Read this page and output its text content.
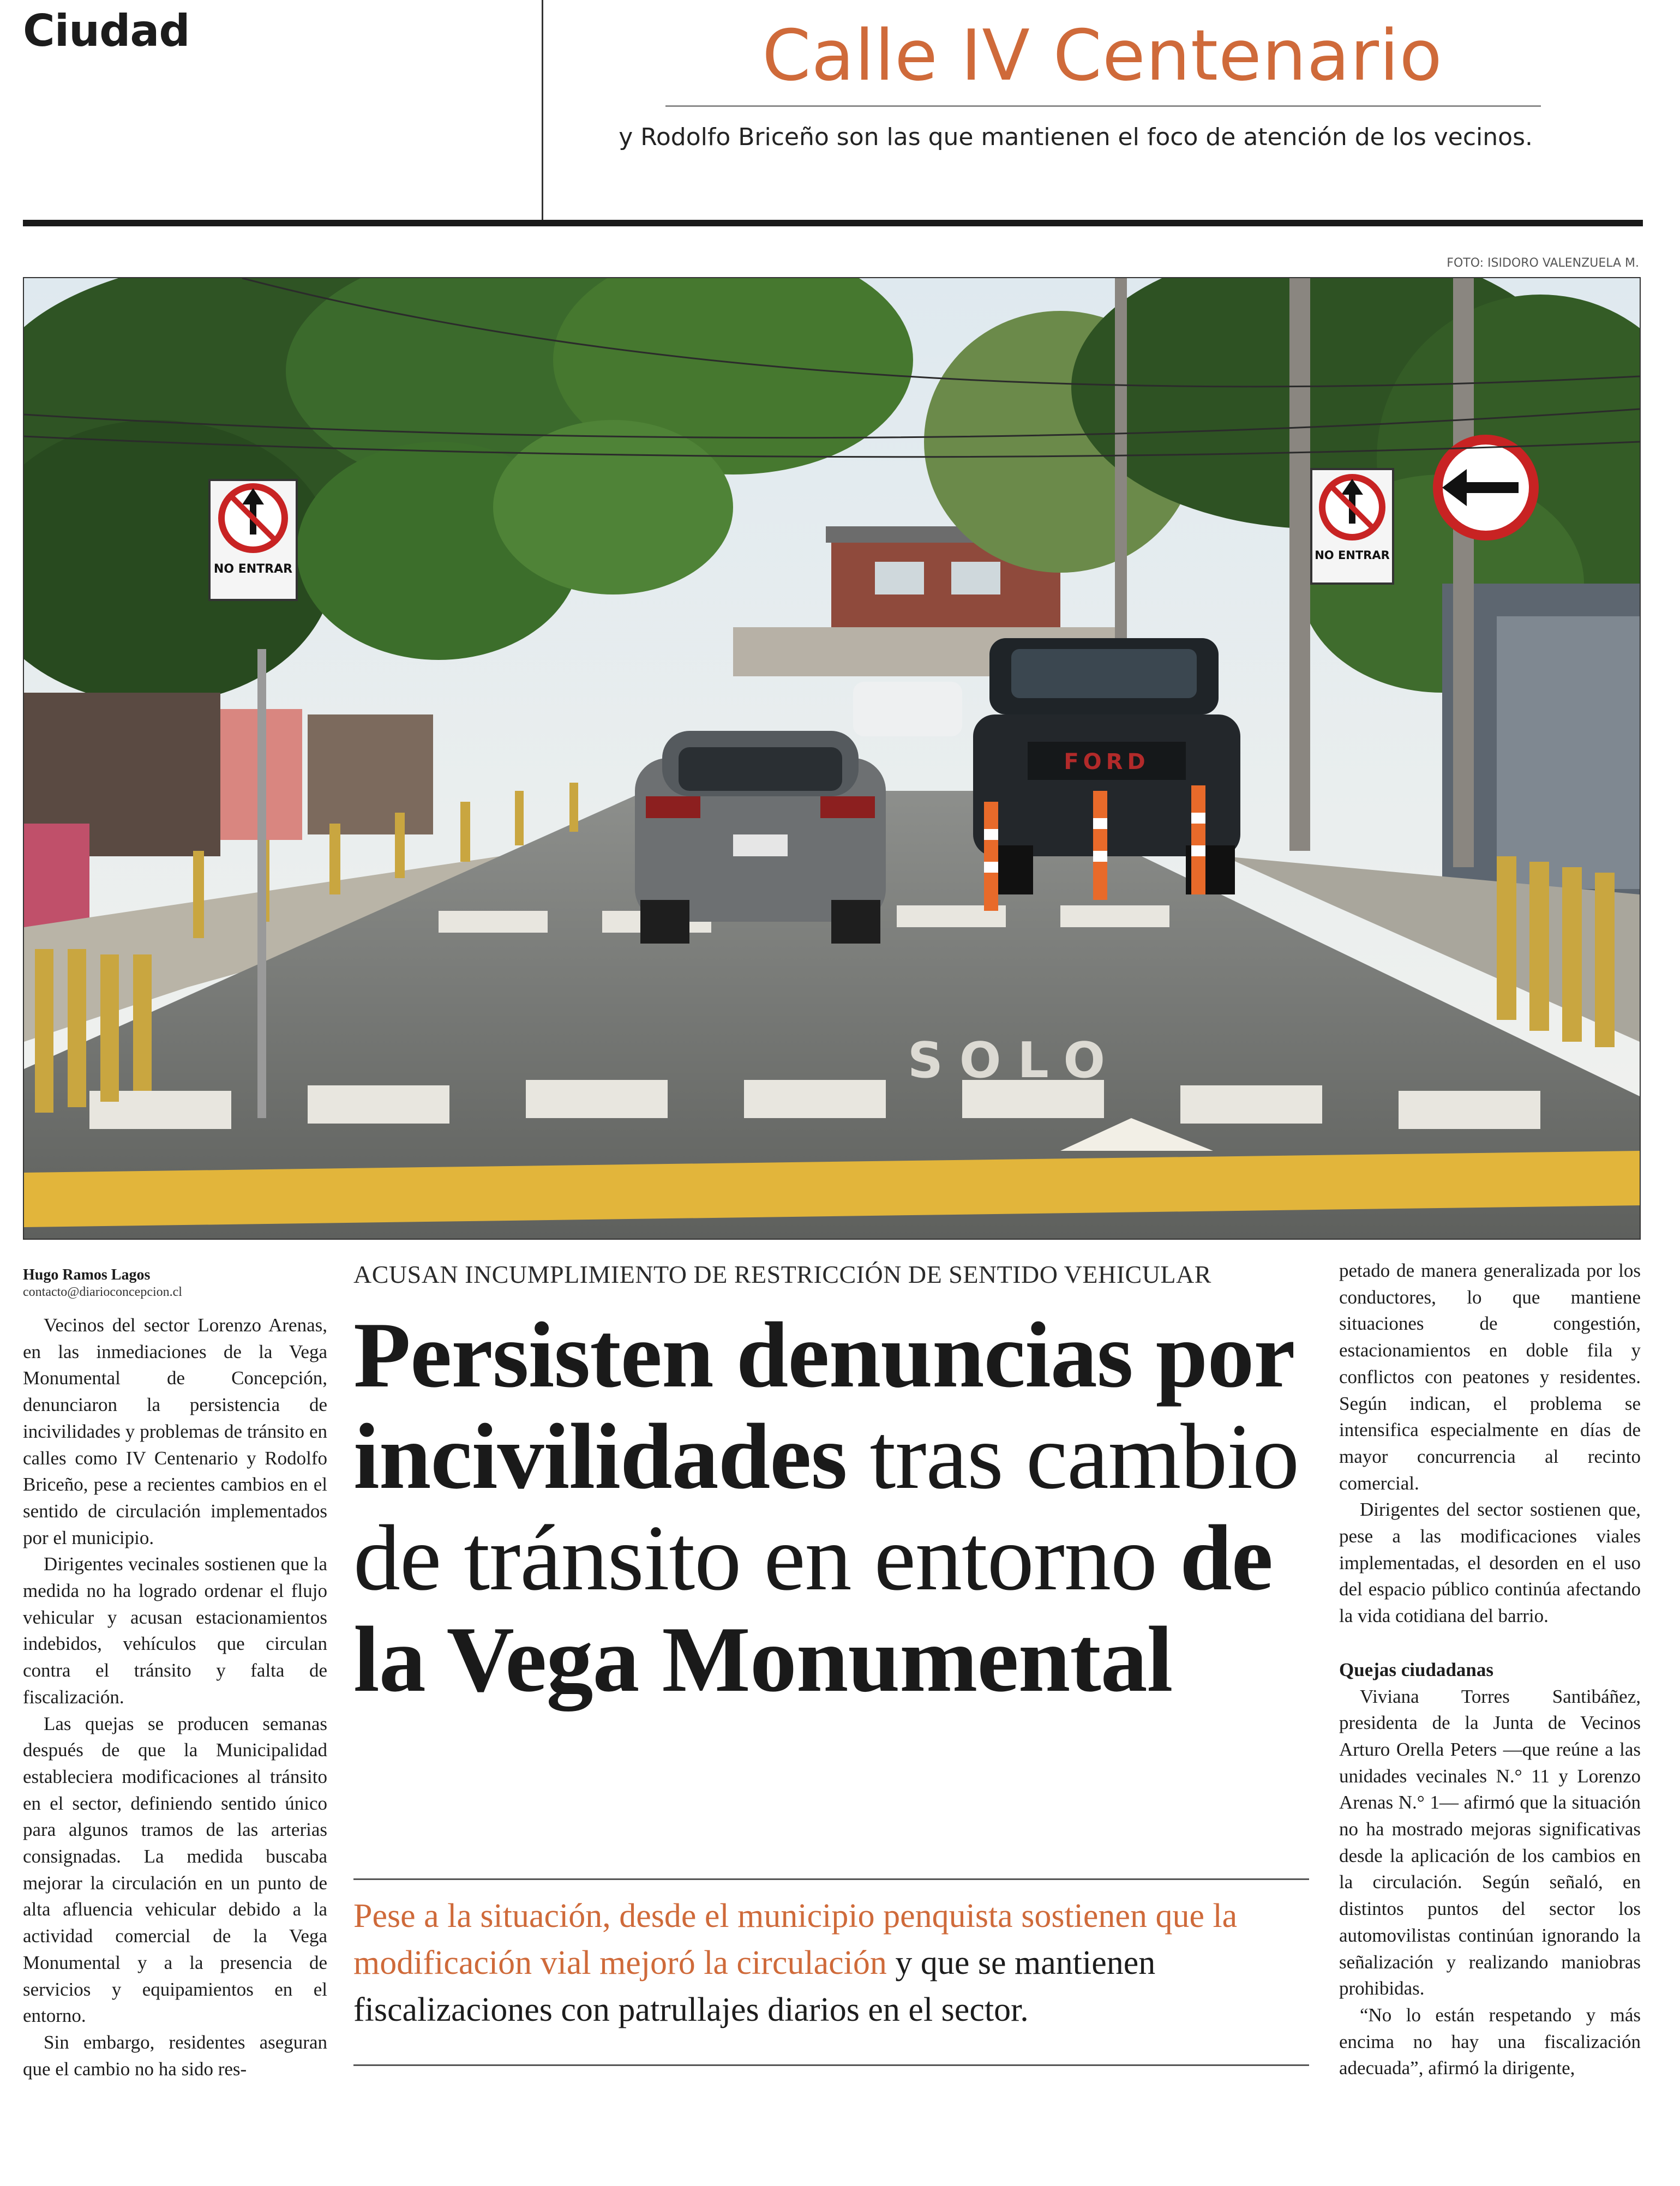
Ciudad	Calle IV Centenario
y Rodolfo Briceño son las que mantienen el foco de atención de los vecinos.
FOTO: ISIDORO VALENZUELA M.
SOLO
FORD
NO ENTRAR
NO ENTRAR
Hugo Ramos Lagos
contacto@diarioconcepcion.cl

Vecinos del sector Lorenzo Arenas, en las inmediaciones de la Vega Monumental de Concepción, denunciaron la persistencia de incivilidades y problemas de tránsito en calles como IV Centenario y Rodolfo Briceño, pese a recientes cambios en el sentido de circulación implementados por el municipio.

Dirigentes vecinales sostienen que la medida no ha logrado ordenar el flujo vehicular y acusan estacionamientos indebidos, vehículos que circulan contra el tránsito y falta de fiscalización.

Las quejas se producen semanas después de que la Municipalidad estableciera modificaciones al tránsito en el sector, definiendo sentido único para algunos tramos de las arterias consignadas. La medida buscaba mejorar la circulación en un punto de alta afluencia vehicular debido a la actividad comercial de la Vega Monumental y a la presencia de servicios y equipamientos en el entorno.

Sin embargo, residentes aseguran que el cambio no ha sido res-

ACUSAN INCUMPLIMIENTO DE RESTRICCIÓN DE SENTIDO VEHICULAR
Persisten denuncias por incivilidades tras cambio de tránsito en entorno de la Vega Monumental
Pese a la situación, desde el municipio penquista sostienen que la modificación vial mejoró la circulación y que se mantienen fiscalizaciones con patrullajes diarios en el sector.

petado de manera generalizada por los conductores, lo que mantiene situaciones de congestión, estacionamientos en doble fila y conflictos con peatones y residentes. Según indican, el problema se intensifica especialmente en días de mayor concurrencia al recinto comercial.

Dirigentes del sector sostienen que, pese a las modificaciones viales implementadas, el desorden en el uso del espacio público continúa afectando la vida cotidiana del barrio.

Quejas ciudadanas

Viviana Torres Santibáñez, presidenta de la Junta de Vecinos Arturo Orella Peters —que reúne a las unidades vecinales N.° 11 y Lorenzo Arenas N.° 1— afirmó que la situación no ha mostrado mejoras significativas desde la aplicación de los cambios en la circulación. Según señaló, en distintos puntos del sector los automovilistas continúan ignorando la señalización y realizando maniobras prohibidas.

“No lo están respetando y más encima no hay una fiscalización adecuada”, afirmó la dirigente,
